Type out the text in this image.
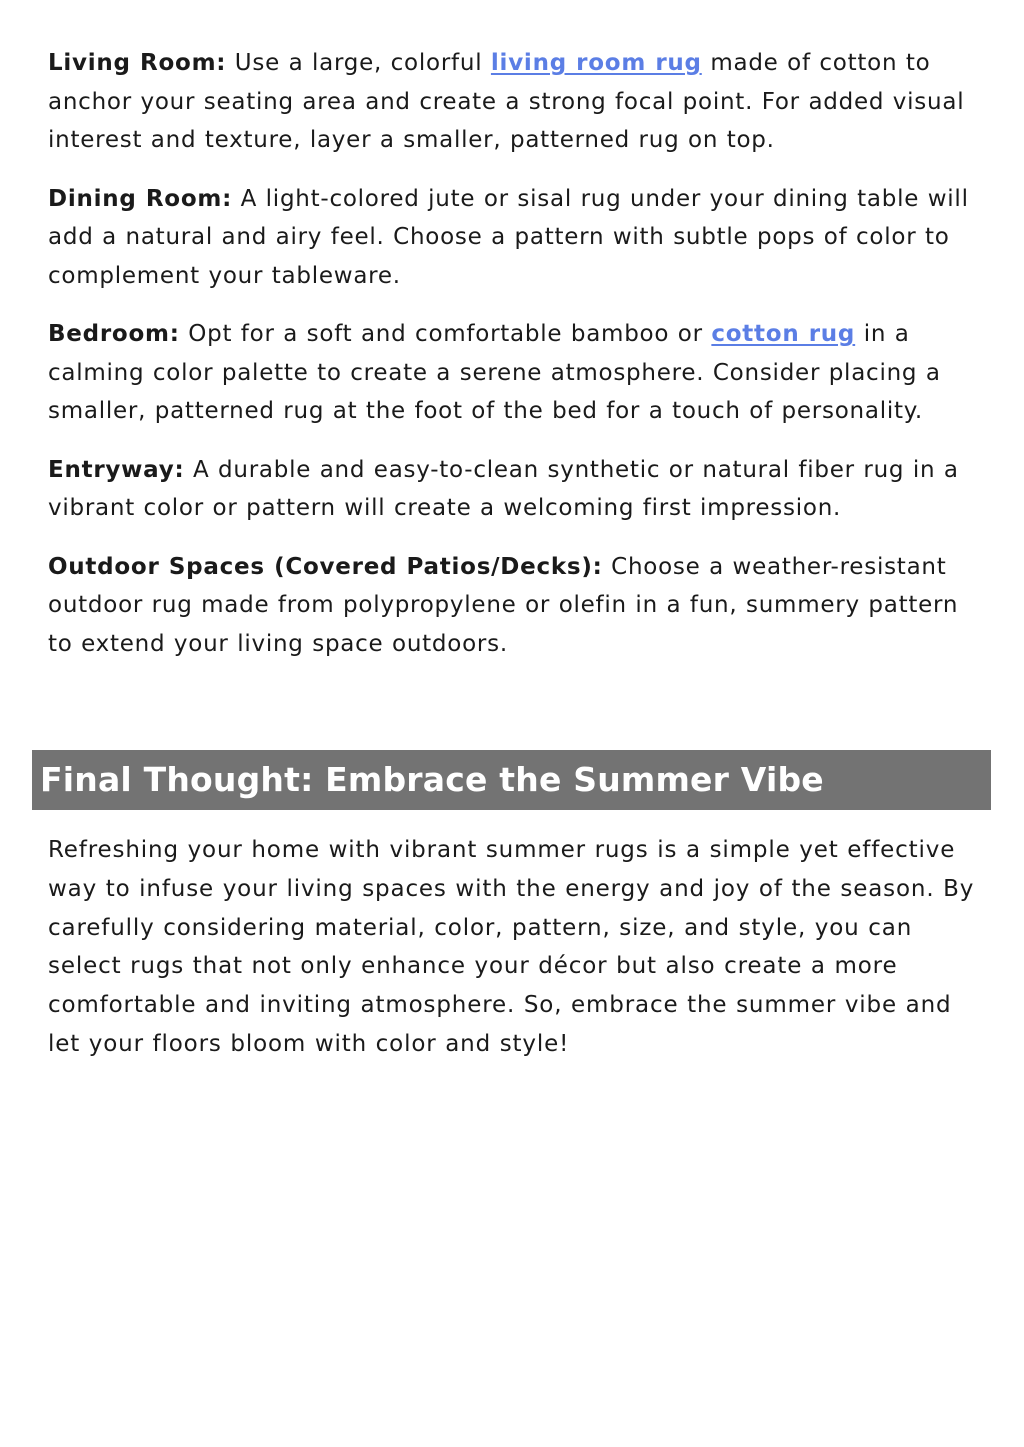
Living Room: Use a large, colorful living room rug made of cotton to anchor your seating area and create a strong focal point. For added visual interest and texture, layer a smaller, patterned rug on top.

Dining Room: A light-colored jute or sisal rug under your dining table will add a natural and airy feel. Choose a pattern with subtle pops of color to complement your tableware.

Bedroom: Opt for a soft and comfortable bamboo or cotton rug in a calming color palette to create a serene atmosphere. Consider placing a smaller, patterned rug at the foot of the bed for a touch of personality.

Entryway: A durable and easy-to-clean synthetic or natural fiber rug in a vibrant color or pattern will create a welcoming first impression.

Outdoor Spaces (Covered Patios/Decks): Choose a weather-resistant outdoor rug made from polypropylene or olefin in a fun, summery pattern to extend your living space outdoors.

Final Thought: Embrace the Summer Vibe

Refreshing your home with vibrant summer rugs is a simple yet effective way to infuse your living spaces with the energy and joy of the season. By carefully considering material, color, pattern, size, and style, you can select rugs that not only enhance your décor but also create a more comfortable and inviting atmosphere. So, embrace the summer vibe and let your floors bloom with color and style!
